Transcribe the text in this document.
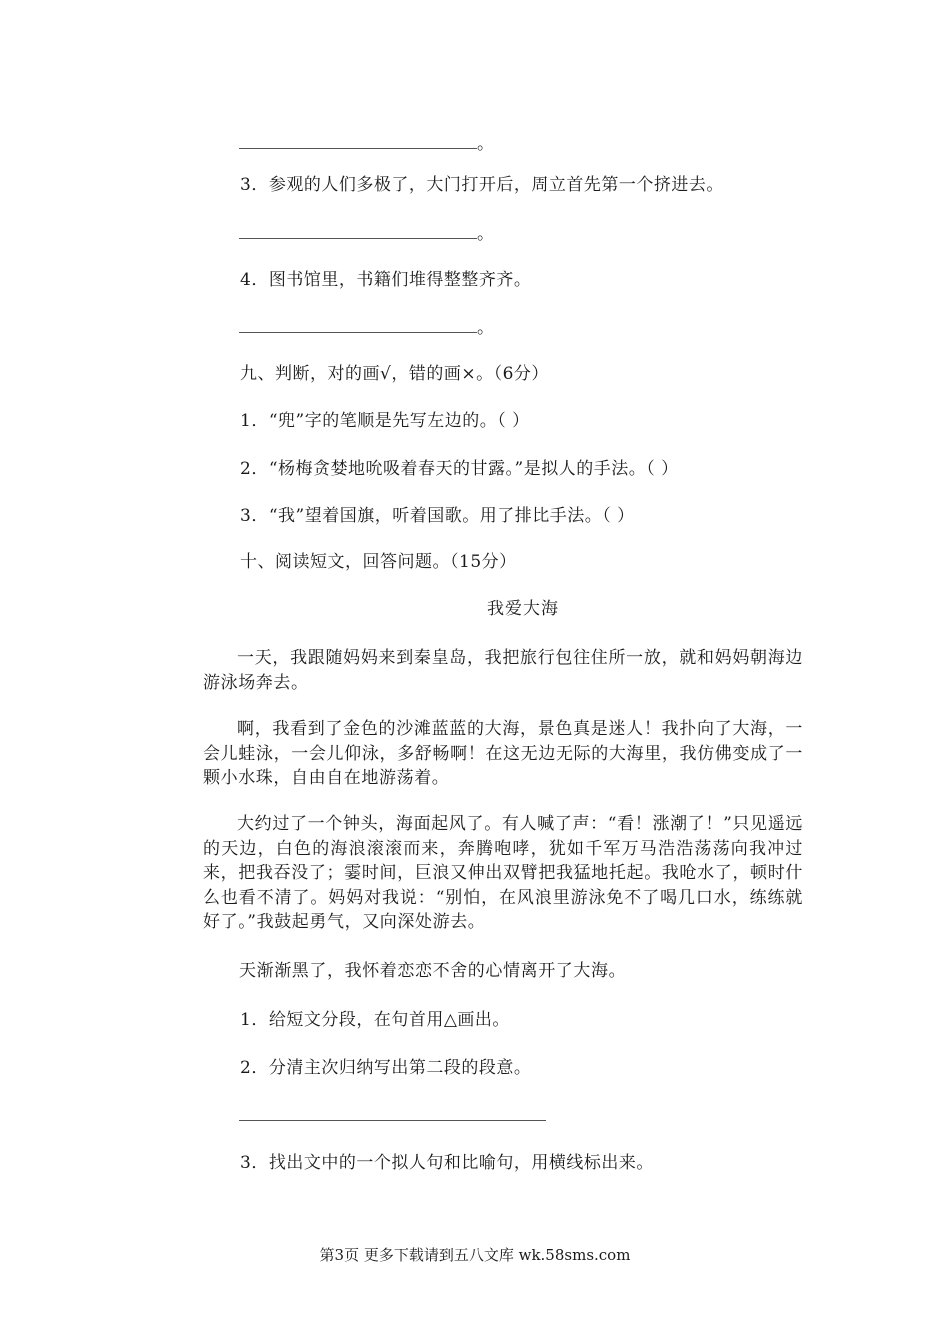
。
3．参观的人们多极了，大门打开后，周立首先第一个挤进去。
。
4．图书馆里，书籍们堆得整整齐齐。
。
九、判断，对的画√，错的画×。（6分）
1．“兜”字的笔顺是先写左边的。（ ）
2．“杨梅贪婪地吮吸着春天的甘露。”是拟人的手法。（ ）
3．“我”望着国旗，听着国歌。用了排比手法。（ ）
十、阅读短文，回答问题。（15分）
我爱大海
一天，我跟随妈妈来到秦皇岛，我把旅行包往住所一放，就和妈妈朝海边游泳场奔去。
啊，我看到了金色的沙滩蓝蓝的大海，景色真是迷人！我扑向了大海，一会儿蛙泳，一会儿仰泳，多舒畅啊！在这无边无际的大海里，我仿佛变成了一颗小水珠，自由自在地游荡着。
大约过了一个钟头，海面起风了。有人喊了声：“看！涨潮了！”只见遥远的天边，白色的海浪滚滚而来，奔腾咆哮，犹如千军万马浩浩荡荡向我冲过来，把我吞没了；霎时间，巨浪又伸出双臂把我猛地托起。我呛水了，顿时什么也看不清了。妈妈对我说：“别怕，在风浪里游泳免不了喝几口水，练练就好了。”我鼓起勇气，又向深处游去。
天渐渐黑了，我怀着恋恋不舍的心情离开了大海。
1．给短文分段，在句首用△画出。
2．分清主次归纳写出第二段的段意。
3．找出文中的一个拟人句和比喻句，用横线标出来。
第3页 更多下载请到五八文库 wk.58sms.com
